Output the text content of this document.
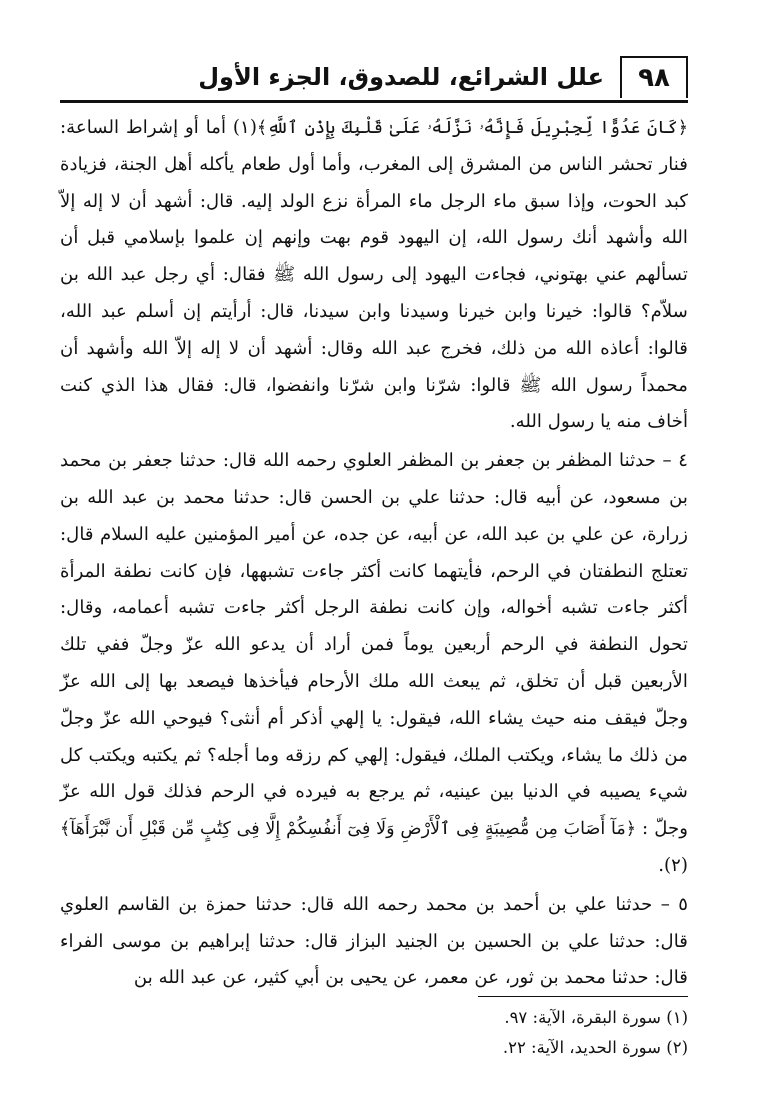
٩٨
علل الشرائع، للصدوق، الجزء الأول

﴿كَانَ عَدُوًّا لِّجِبْرِيلَ فَإِنَّهُۥ نَزَّلَهُۥ عَلَىٰ قَلْبِكَ بِإِذْنِ ٱللَّهِ﴾(١) أما أو إشراط الساعة: فنار تحشر الناس من المشرق إلى المغرب، وأما أول طعام يأكله أهل الجنة، فزيادة كبد الحوت، وإذا سبق ماء الرجل ماء المرأة نزع الولد إليه. قال: أشهد أن لا إله إلاّ الله وأشهد أنك رسول الله، إن اليهود قوم بهت وإنهم إن علموا بإسلامي قبل أن تسألهم عني بهتوني، فجاءت اليهود إلى رسول الله ﷺ فقال: أي رجل عبد الله بن سلاّم؟ قالوا: خيرنا وابن خيرنا وسيدنا وابن سيدنا، قال: أرأيتم إن أسلم عبد الله، قالوا: أعاذه الله من ذلك، فخرج عبد الله وقال: أشهد أن لا إله إلاّ الله وأشهد أن محمداً رسول الله ﷺ قالوا: شرّنا وابن شرّنا وانفضوا، قال: فقال هذا الذي كنت أخاف منه يا رسول الله.

٤ – حدثنا المظفر بن جعفر بن المظفر العلوي رحمه الله قال: حدثنا جعفر بن محمد بن مسعود، عن أبيه قال: حدثنا علي بن الحسن قال: حدثنا محمد بن عبد الله بن زرارة، عن علي بن عبد الله، عن أبيه، عن جده، عن أمير المؤمنين عليه السلام قال: تعتلج النطفتان في الرحم، فأيتهما كانت أكثر جاءت تشبهها، فإن كانت نطفة المرأة أكثر جاءت تشبه أخواله، وإن كانت نطفة الرجل أكثر جاءت تشبه أعمامه، وقال: تحول النطفة في الرحم أربعين يوماً فمن أراد أن يدعو الله عزّ وجلّ ففي تلك الأربعين قبل أن تخلق، ثم يبعث الله ملك الأرحام فيأخذها فيصعد بها إلى الله عزّ وجلّ فيقف منه حيث يشاء الله، فيقول: يا إلهي أذكر أم أنثى؟ فيوحي الله عزّ وجلّ من ذلك ما يشاء، ويكتب الملك، فيقول: إلهي كم رزقه وما أجله؟ ثم يكتبه ويكتب كل شيء يصيبه في الدنيا بين عينيه، ثم يرجع به فيرده في الرحم فذلك قول الله عزّ وجلّ : ﴿مَآ أَصَابَ مِن مُّصِيبَةٍ فِى ٱلْأَرْضِ وَلَا فِىٓ أَنفُسِكُمْ إِلَّا فِى كِتَٰبٍ مِّن قَبْلِ أَن نَّبْرَأَهَآ﴾(٢).

٥ – حدثنا علي بن أحمد بن محمد رحمه الله قال: حدثنا حمزة بن القاسم العلوي قال: حدثنا علي بن الحسين بن الجنيد البزاز قال: حدثنا إبراهيم بن موسى الفراء قال: حدثنا محمد بن ثور، عن معمر، عن يحيى بن أبي كثير، عن عبد الله بن

(١) سورة البقرة، الآية: ٩٧.

(٢) سورة الحديد، الآية: ٢٢.
